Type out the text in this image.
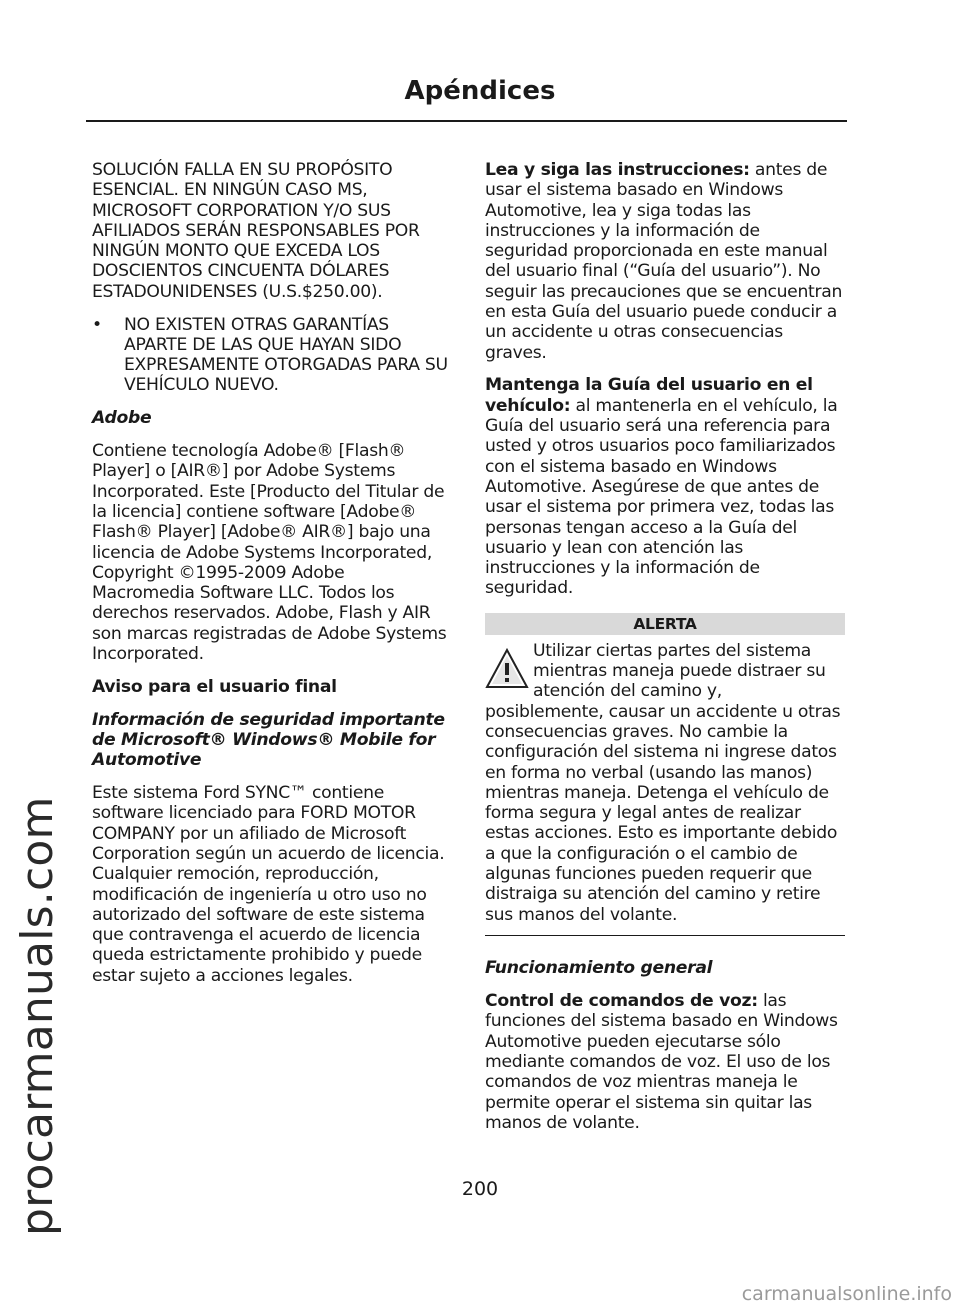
procarmanuals.com
Apéndices

SOLUCIÓN FALLA EN SU PROPÓSITO ESENCIAL. EN NINGÚN CASO MS, MICROSOFT CORPORATION Y/O SUS AFILIADOS SERÁN RESPONSABLES POR NINGÚN MONTO QUE EXCEDA LOS DOSCIENTOS CINCUENTA DÓLARES ESTADOUNIDENSES (U.S.$250.00).

• NO EXISTEN OTRAS GARANTÍAS APARTE DE LAS QUE HAYAN SIDO EXPRESAMENTE OTORGADAS PARA SU VEHÍCULO NUEVO.

Adobe

Contiene tecnología Adobe® [Flash® Player] o [AIR®] por Adobe Systems Incorporated. Este [Producto del Titular de la licencia] contiene software [Adobe® Flash® Player] [Adobe® AIR®] bajo una licencia de Adobe Systems Incorporated, Copyright ©1995-2009 Adobe Macromedia Software LLC. Todos los derechos reservados. Adobe, Flash y AIR son marcas registradas de Adobe Systems Incorporated.

Aviso para el usuario final

Información de seguridad importante de Microsoft® Windows® Mobile for Automotive

Este sistema Ford SYNC™ contiene software licenciado para FORD MOTOR COMPANY por un afiliado de Microsoft Corporation según un acuerdo de licencia. Cualquier remoción, reproducción, modificación de ingeniería u otro uso no autorizado del software de este sistema que contravenga el acuerdo de licencia queda estrictamente prohibido y puede estar sujeto a acciones legales.

Lea y siga las instrucciones: antes de usar el sistema basado en Windows Automotive, lea y siga todas las instrucciones y la información de seguridad proporcionada en este manual del usuario final (“Guía del usuario”). No seguir las precauciones que se encuentran en esta Guía del usuario puede conducir a un accidente u otras consecuencias graves.

Mantenga la Guía del usuario en el vehículo: al mantenerla en el vehículo, la Guía del usuario será una referencia para usted y otros usuarios poco familiarizados con el sistema basado en Windows Automotive. Asegúrese de que antes de usar el sistema por primera vez, todas las personas tengan acceso a la Guía del usuario y lean con atención las instrucciones y la información de seguridad.

ALERTA
Utilizar ciertas partes del sistema mientras maneja puede distraer su atención del camino y, posiblemente, causar un accidente u otras consecuencias graves. No cambie la configuración del sistema ni ingrese datos en forma no verbal (usando las manos) mientras maneja. Detenga el vehículo de forma segura y legal antes de realizar estas acciones. Esto es importante debido a que la configuración o el cambio de algunas funciones pueden requerir que distraiga su atención del camino y retire sus manos del volante.

Funcionamiento general

Control de comandos de voz: las funciones del sistema basado en Windows Automotive pueden ejecutarse sólo mediante comandos de voz. El uso de los comandos de voz mientras maneja le permite operar el sistema sin quitar las manos de volante.

200
carmanualsonline.info
